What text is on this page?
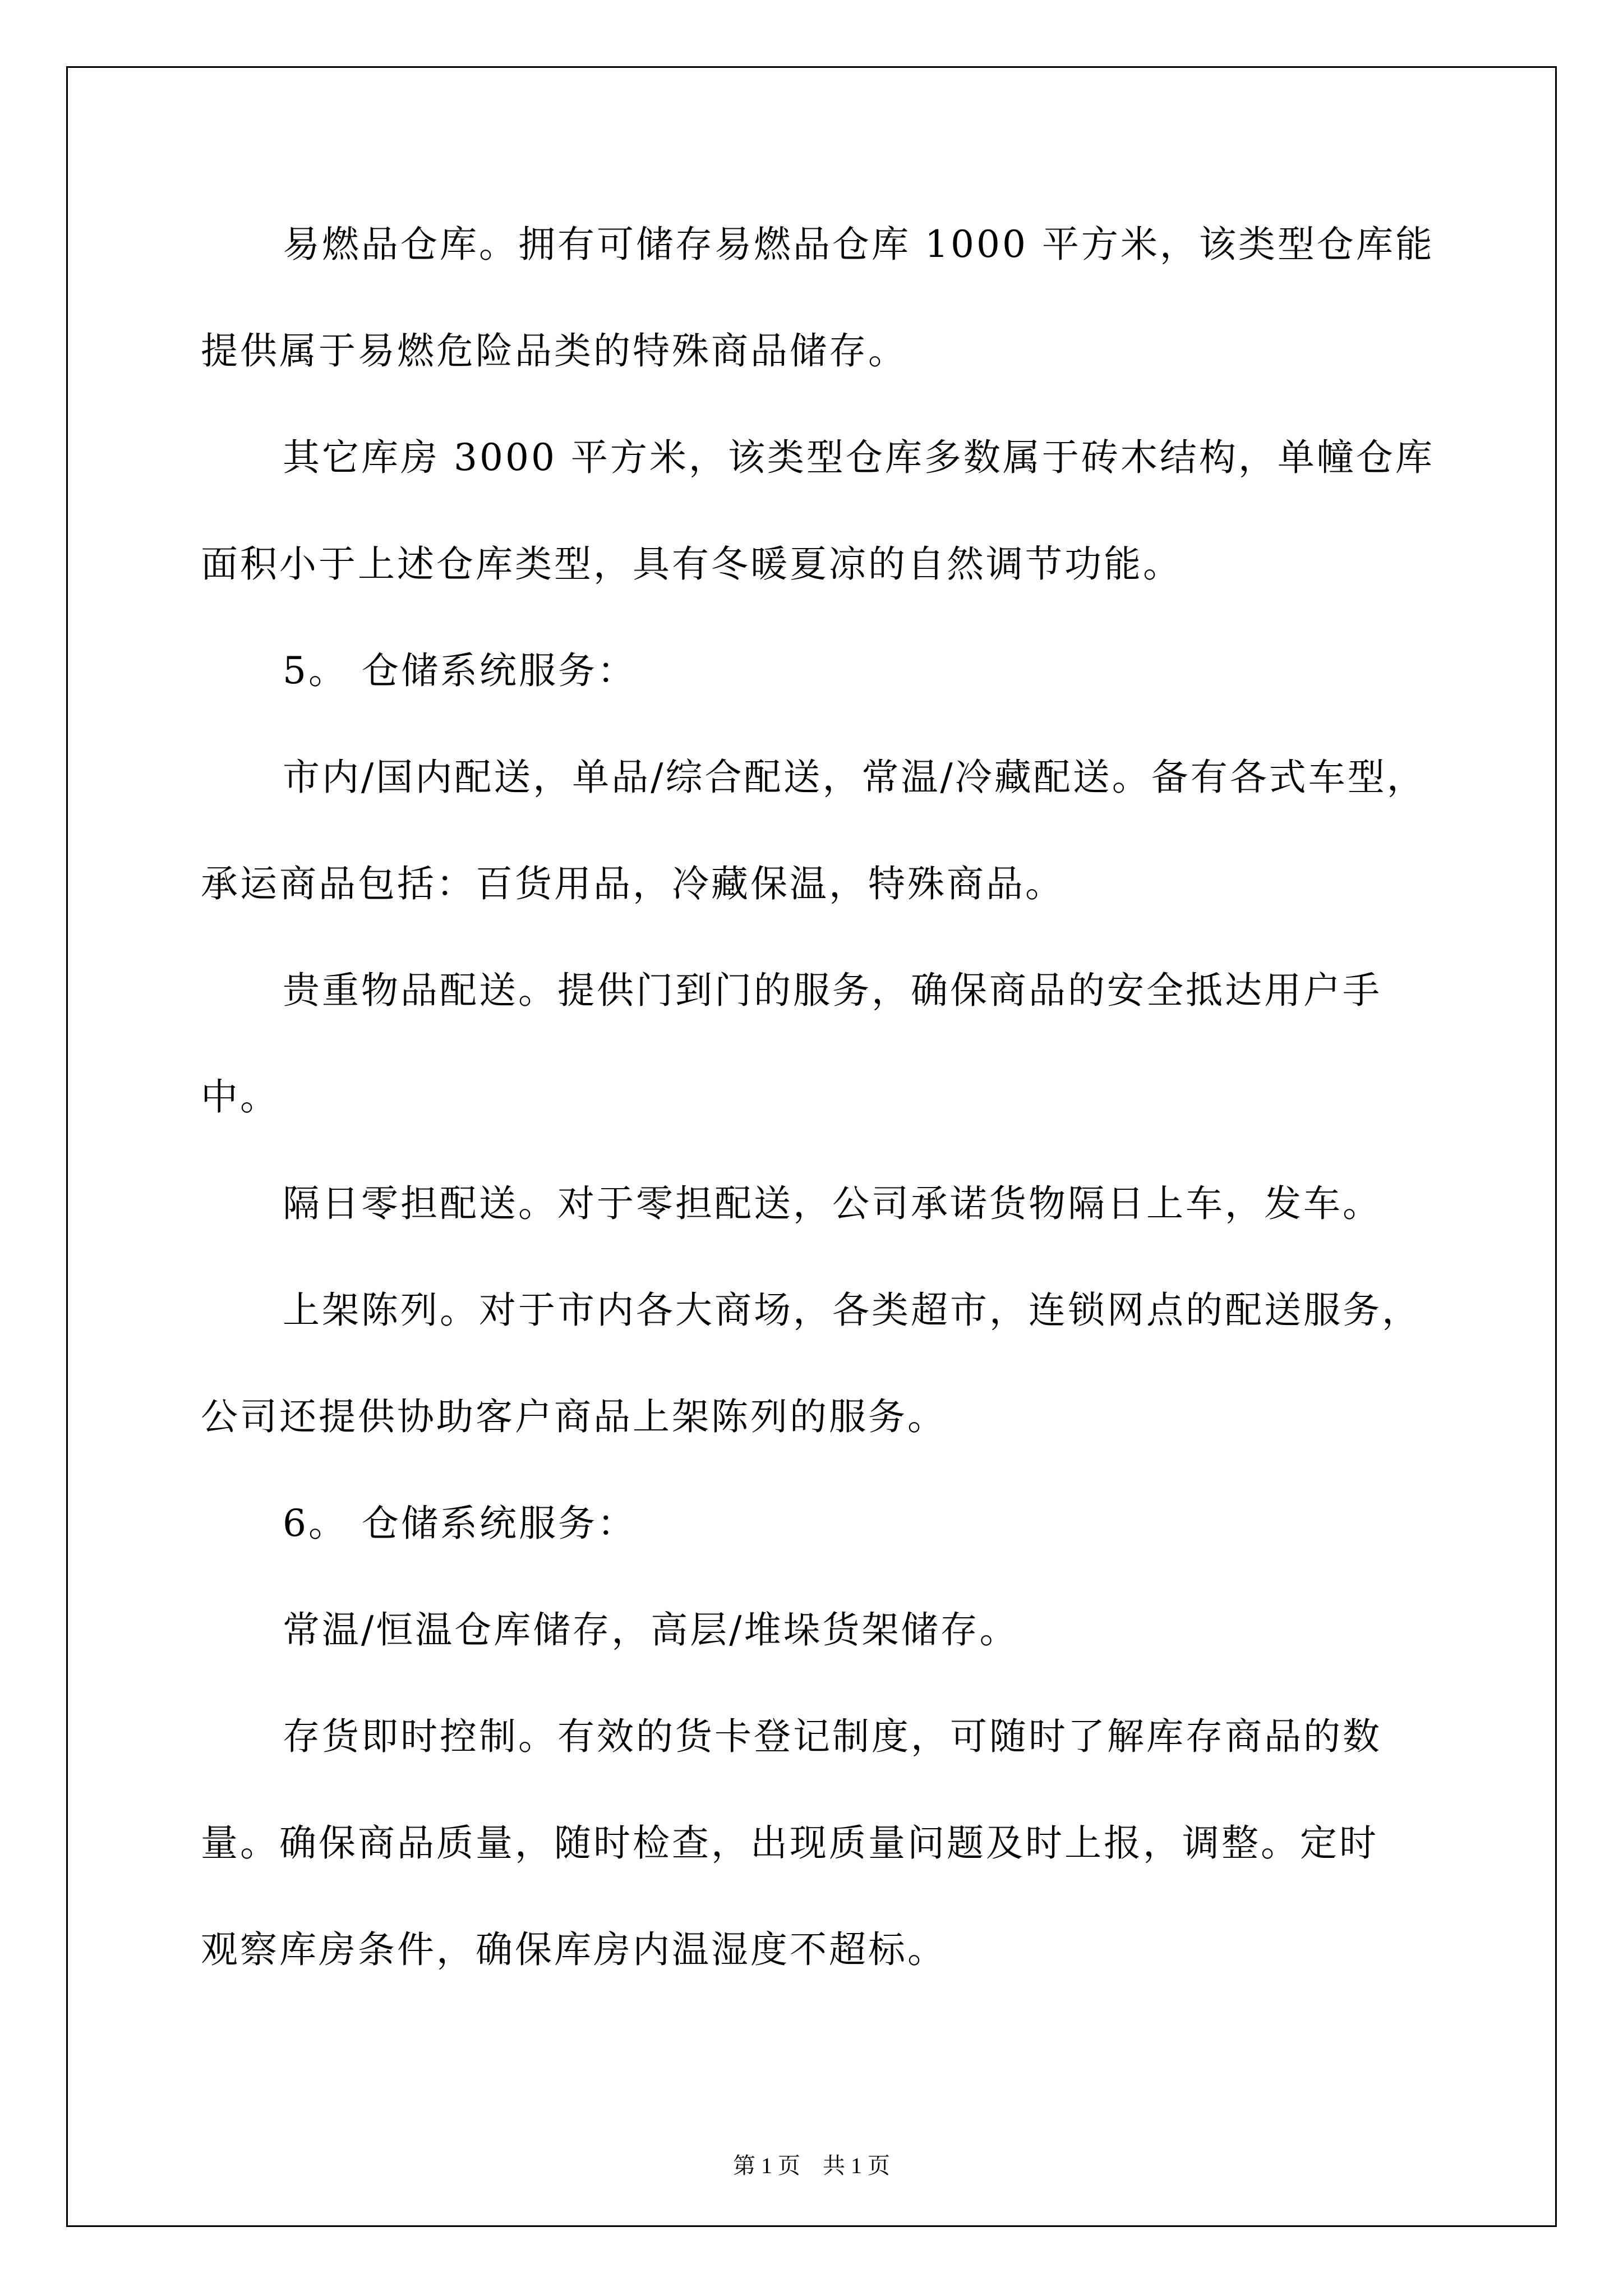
易燃品仓库。拥有可储存易燃品仓库 1000 平方米，该类型仓库能
提供属于易燃危险品类的特殊商品储存。
其它库房 3000 平方米，该类型仓库多数属于砖木结构，单幢仓库
面积小于上述仓库类型，具有冬暖夏凉的自然调节功能。
5。 仓储系统服务：
市内/国内配送，单品/综合配送，常温/冷藏配送。备有各式车型，
承运商品包括：百货用品，冷藏保温，特殊商品。
贵重物品配送。提供门到门的服务，确保商品的安全抵达用户手
中。
隔日零担配送。对于零担配送，公司承诺货物隔日上车，发车。
上架陈列。对于市内各大商场，各类超市，连锁网点的配送服务，
公司还提供协助客户商品上架陈列的服务。
6。 仓储系统服务：
常温/恒温仓库储存，高层/堆垛货架储存。
存货即时控制。有效的货卡登记制度，可随时了解库存商品的数
量。确保商品质量，随时检查，出现质量问题及时上报，调整。定时
观察库房条件，确保库房内温湿度不超标。
第 1 页　共 1 页
